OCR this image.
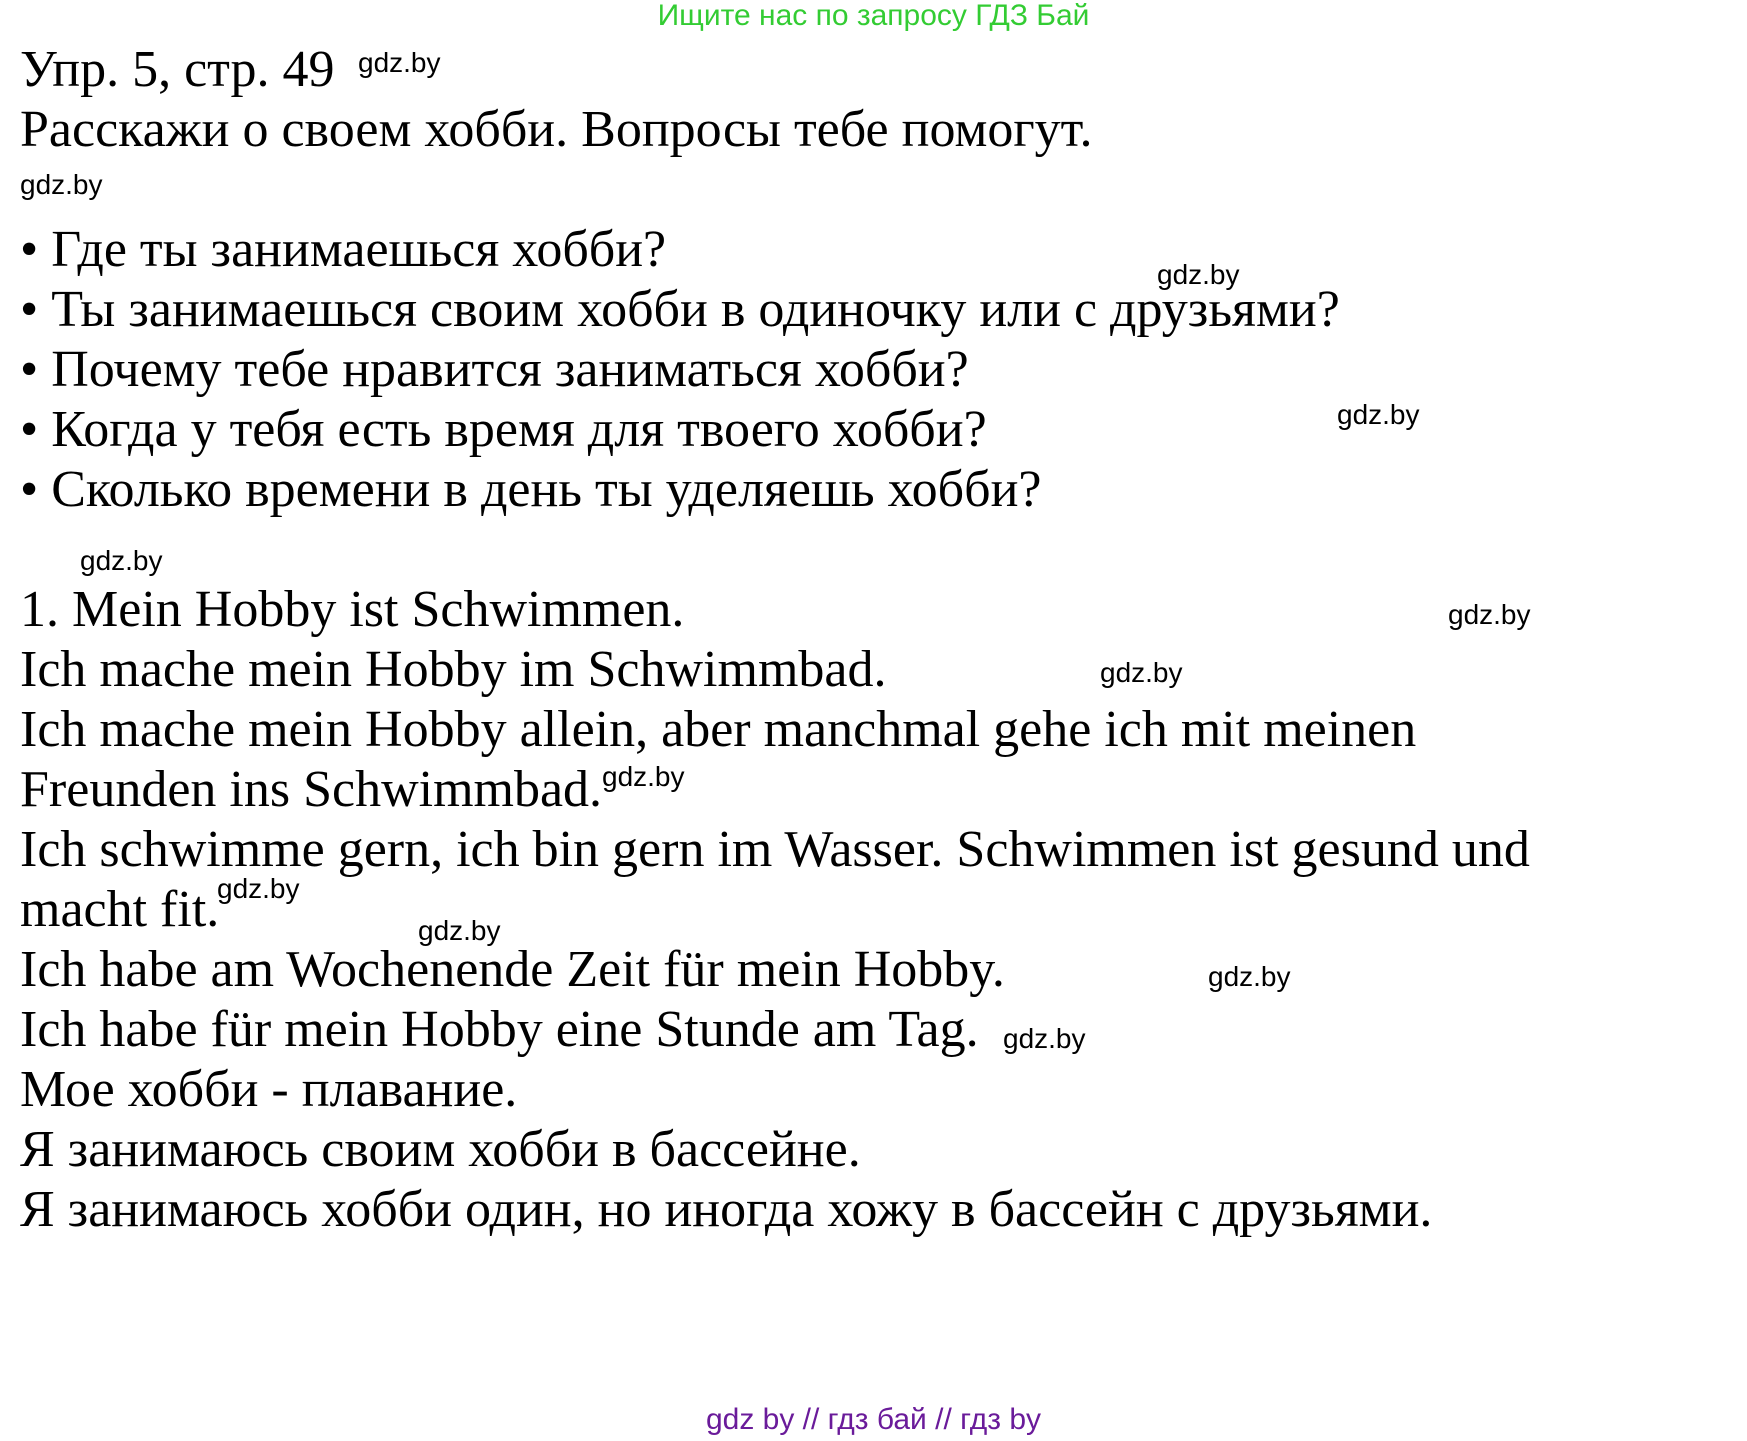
Ищите нас по запросу ГДЗ Бай
Упр. 5, стр. 49
Расскажи о своем хобби. Вопросы тебе помогут.
• Где ты занимаешься хобби?
• Ты занимаешься своим хобби в одиночку или с друзьями?
• Почему тебе нравится заниматься хобби?
• Когда у тебя есть время для твоего хобби?
• Сколько времени в день ты уделяешь хобби?
1. Mein Hobby ist Schwimmen.
Ich mache mein Hobby im Schwimmbad.
Ich mache mein Hobby allein, aber manchmal gehe ich mit meinen
Freunden ins Schwimmbad.
Ich schwimme gern, ich bin gern im Wasser. Schwimmen ist gesund und
macht fit.
Ich habe am Wochenende Zeit für mein Hobby.
Ich habe für mein Hobby eine Stunde am Tag.
Мое хобби - плавание.
Я занимаюсь своим хобби в бассейне.
Я занимаюсь хобби один, но иногда хожу в бассейн с друзьями.
gdz.by
gdz.by
gdz.by
gdz.by
gdz.by
gdz.by
gdz.by
gdz.by
gdz.by
gdz.by
gdz.by
gdz.by
gdz by // гдз бай // гдз by
